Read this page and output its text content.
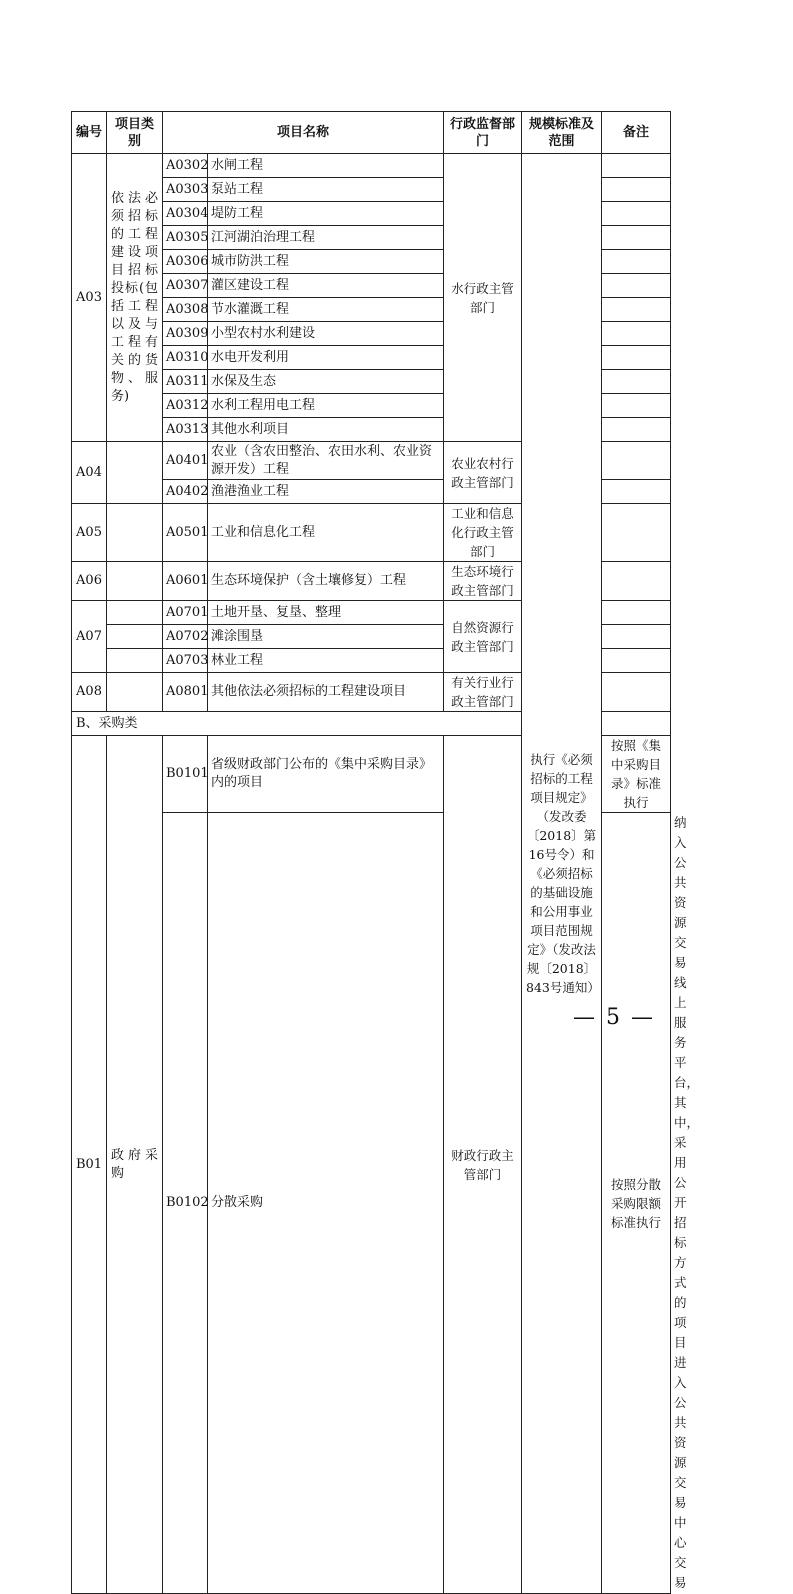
编号	项目类别	项目名称		行政监督部门	规模标准及范围	备注	
A03	依法必须招标的工程建设项目招标投标(包括工程以及与工程有关的货物、服务)	A0302	水闸工程	水行政主管部门	执行《必须招标的工程项目规定》（发改委〔2018〕第16号令）和《必须招标的基础设施和公用事业项目范围规定》（发改法规〔2018〕843号通知）		
		A0303	泵站工程				
		A0304	堤防工程				
		A0305	江河湖泊治理工程				
		A0306	城市防洪工程				
		A0307	灌区建设工程				
		A0308	节水灌溉工程				
		A0309	小型农村水利建设				
		A0310	水电开发利用				
		A0311	水保及生态				
		A0312	水利工程用电工程				
		A0313	其他水利项目				
A04		A0401	农业（含农田整治、农田水利、农业资源开发）工程	农业农村行政主管部门			
		A0402	渔港渔业工程				
A05		A0501	工业和信息化工程	工业和信息化行政主管部门			
A06		A0601	生态环境保护（含土壤修复）工程	生态环境行政主管部门			
A07		A0701	土地开垦、复垦、整理	自然资源行政主管部门			
		A0702	滩涂围垦				
		A0703	林业工程				
A08		A0801	其他依法必须招标的工程建设项目	有关行业行政主管部门			
B、采购类							
B01	政府采购	B0101	省级财政部门公布的《集中采购目录》内的项目	财政行政主管部门		按照《集中采购目录》标准执行	
		B0102	分散采购			按照分散采购限额标准执行	纳入公共资源交易线上服务平台，其中，采用公开招标方式的项目进入公共资源交易中心交易
— 5 —
